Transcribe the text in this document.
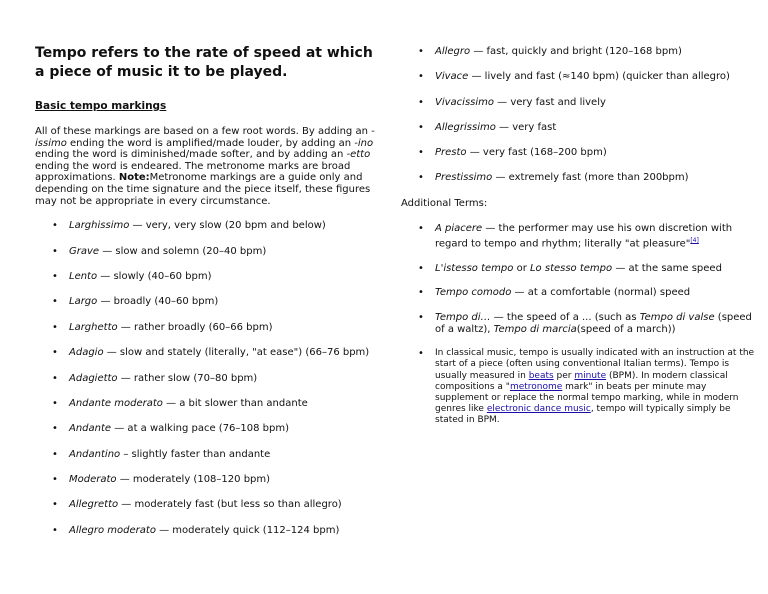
Tempo refers to the rate of speed at which a piece of music it to be played.
Basic tempo markings
All of these markings are based on a few root words. By adding an -issimo ending the word is amplified/made louder, by adding an -ino ending the word is diminished/made softer, and by adding an -etto ending the word is endeared. The metronome marks are broad approximations. Note:Metronome markings are a guide only and depending on the time signature and the piece itself, these figures may not be appropriate in every circumstance.
• Larghissimo — very, very slow (20 bpm and below)
• Grave — slow and solemn (20–40 bpm)
• Lento — slowly (40–60 bpm)
• Largo — broadly (40–60 bpm)
• Larghetto — rather broadly (60–66 bpm)
• Adagio — slow and stately (literally, "at ease") (66–76 bpm)
• Adagietto — rather slow (70–80 bpm)
• Andante moderato — a bit slower than andante
• Andante — at a walking pace (76–108 bpm)
• Andantino – slightly faster than andante
• Moderato — moderately (108–120 bpm)
• Allegretto — moderately fast (but less so than allegro)
• Allegro moderato — moderately quick (112–124 bpm)
• Allegro — fast, quickly and bright (120–168 bpm)
• Vivace — lively and fast (≈140 bpm) (quicker than allegro)
• Vivacissimo — very fast and lively
• Allegrissimo — very fast
• Presto — very fast (168–200 bpm)
• Prestissimo — extremely fast (more than 200bpm)
Additional Terms:
• A piacere — the performer may use his own discretion with regard to tempo and rhythm; literally "at pleasure"[4]
• L'istesso tempo or Lo stesso tempo — at the same speed
• Tempo comodo — at a comfortable (normal) speed
• Tempo di… — the speed of a ... (such as Tempo di valse (speed of a waltz), Tempo di marcia(speed of a march))
• In classical music, tempo is usually indicated with an instruction at the start of a piece (often using conventional Italian terms). Tempo is usually measured in beats per minute (BPM). In modern classical compositions a "metronome mark" in beats per minute may supplement or replace the normal tempo marking, while in modern genres like electronic dance music, tempo will typically simply be stated in BPM.
